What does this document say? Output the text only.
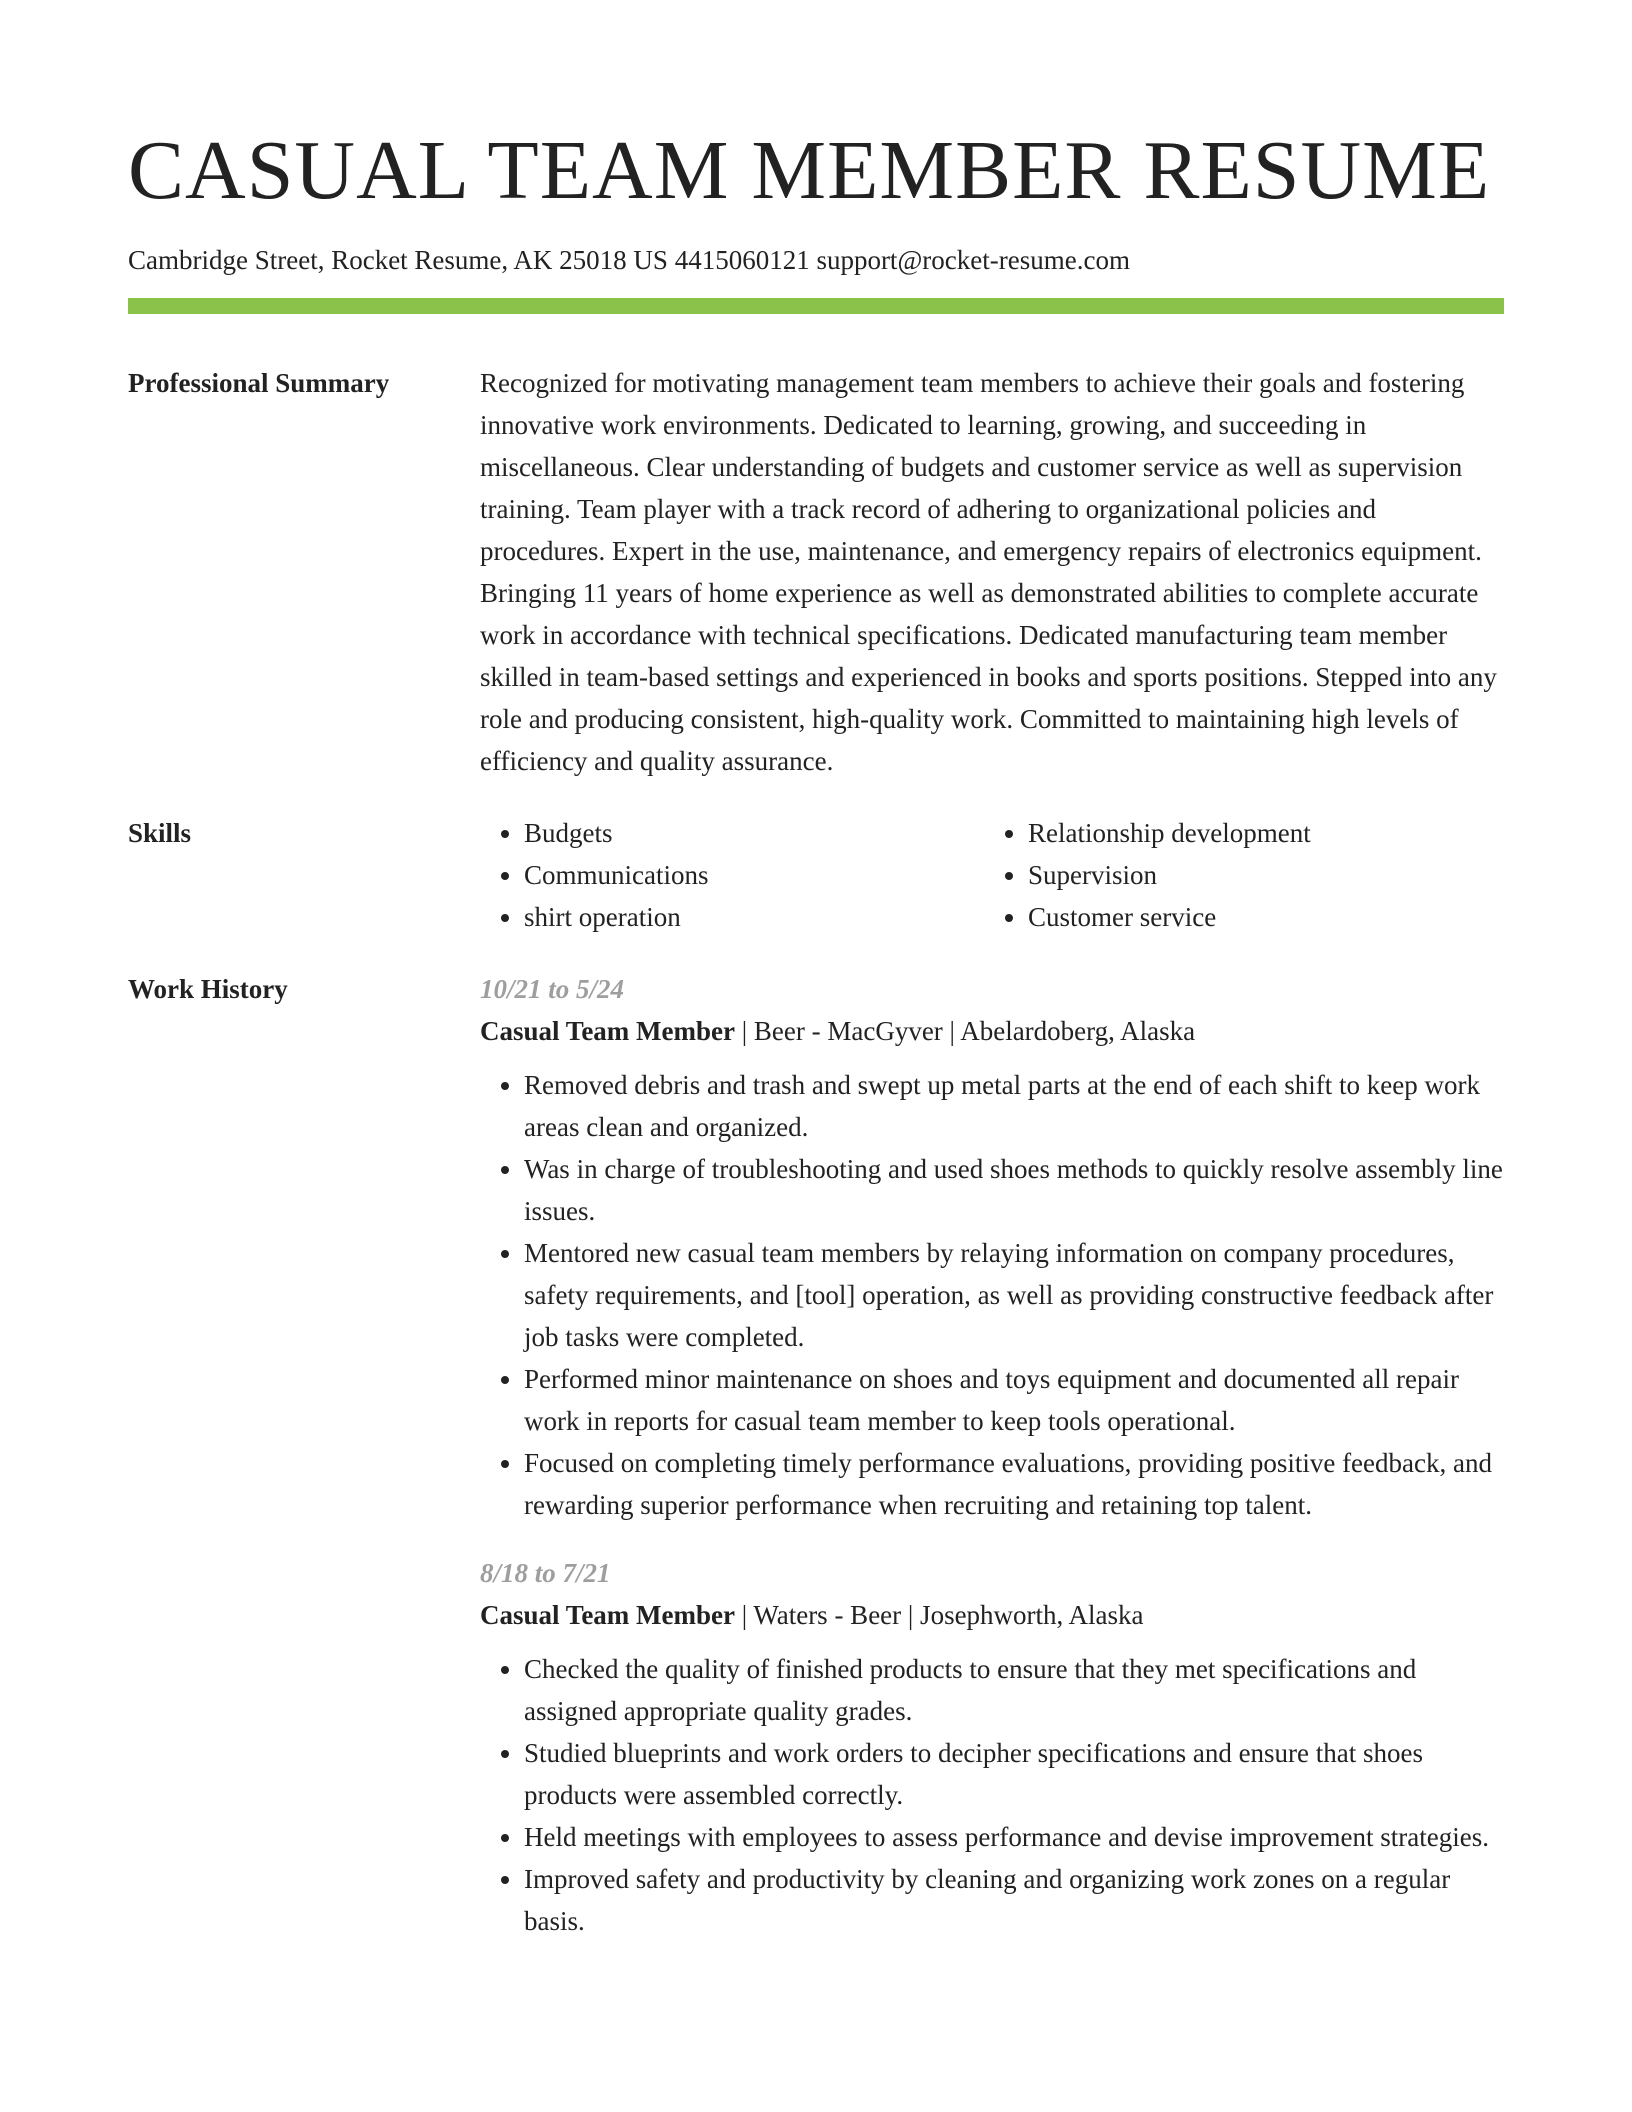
CASUAL TEAM MEMBER RESUME
Cambridge Street, Rocket Resume, AK 25018 US 4415060121 support@rocket-resume.com
Professional Summary	Recognized for motivating management team members to achieve their goals and fostering innovative work environments. Dedicated to learning, growing, and succeeding in miscellaneous. Clear understanding of budgets and customer service as well as supervision training. Team player with a track record of adhering to organizational policies and procedures. Expert in the use, maintenance, and emergency repairs of electronics equipment. Bringing 11 years of home experience as well as demonstrated abilities to complete accurate work in accordance with technical specifications. Dedicated manufacturing team member skilled in team-based settings and experienced in books and sports positions. Stepped into any role and producing consistent, high-quality work. Committed to maintaining high levels of efficiency and quality assurance.

Skills
•	Budgets
• Communications
• shirt operation
• Relationship development
• Supervision
• Customer service
Work History	10/21 to 5/24
Casual Team Member | Beer - MacGyver | Abelardoberg, Alaska
• Removed debris and trash and swept up metal parts at the end of each shift to keep work areas clean and organized.
• Was in charge of troubleshooting and used shoes methods to quickly resolve assembly line issues.
• Mentored new casual team members by relaying information on company procedures, safety requirements, and [tool] operation, as well as providing constructive feedback after job tasks were completed.
• Performed minor maintenance on shoes and toys equipment and documented all repair work in reports for casual team member to keep tools operational.
• Focused on completing timely performance evaluations, providing positive feedback, and rewarding superior performance when recruiting and retaining top talent.
8/18 to 7/21
Casual Team Member | Waters - Beer | Josephworth, Alaska
• Checked the quality of finished products to ensure that they met specifications and assigned appropriate quality grades.
• Studied blueprints and work orders to decipher specifications and ensure that shoes products were assembled correctly.
• Held meetings with employees to assess performance and devise improvement strategies.
• Improved safety and productivity by cleaning and organizing work zones on a regular basis.
